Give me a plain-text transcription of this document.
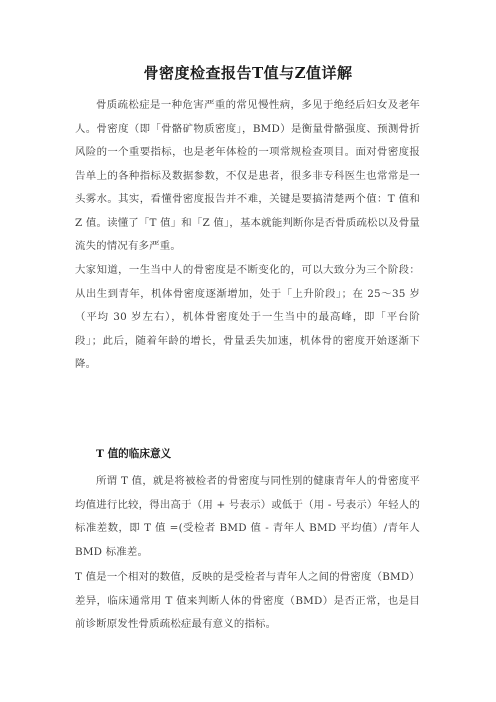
骨密度检查报告T值与Z值详解

骨质疏松症是一种危害严重的常见慢性病，多见于绝经后妇女及老年人。骨密度（即「骨骼矿物质密度」，BMD）是衡量骨骼强度、预测骨折风险的一个重要指标，也是老年体检的一项常规检查项目。面对骨密度报告单上的各种指标及数据参数，不仅是患者，很多非专科医生也常常是一头雾水。其实，看懂骨密度报告并不难，关键是要搞清楚两个值：T 值和 Z 值。读懂了「T 值」和「Z 值」，基本就能判断你是否骨质疏松以及骨量流失的情况有多严重。

大家知道，一生当中人的骨密度是不断变化的，可以大致分为三个阶段：从出生到青年，机体骨密度逐渐增加，处于「上升阶段」；在 25～35 岁（平均 30 岁左右），机体骨密度处于一生当中的最高峰，即「平台阶段」；此后，随着年龄的增长，骨量丢失加速，机体骨的密度开始逐渐下降。

T 值的临床意义

所谓 T 值，就是将被检者的骨密度与同性别的健康青年人的骨密度平均值进行比较，得出高于（用 + 号表示）或低于（用 - 号表示）年轻人的标准差数，即 T 值 =(受检者 BMD 值 - 青年人 BMD 平均值）/青年人 BMD 标准差。

T 值是一个相对的数值，反映的是受检者与青年人之间的骨密度（BMD）差异，临床通常用 T 值来判断人体的骨密度（BMD）是否正常，也是目前诊断原发性骨质疏松症最有意义的指标。
